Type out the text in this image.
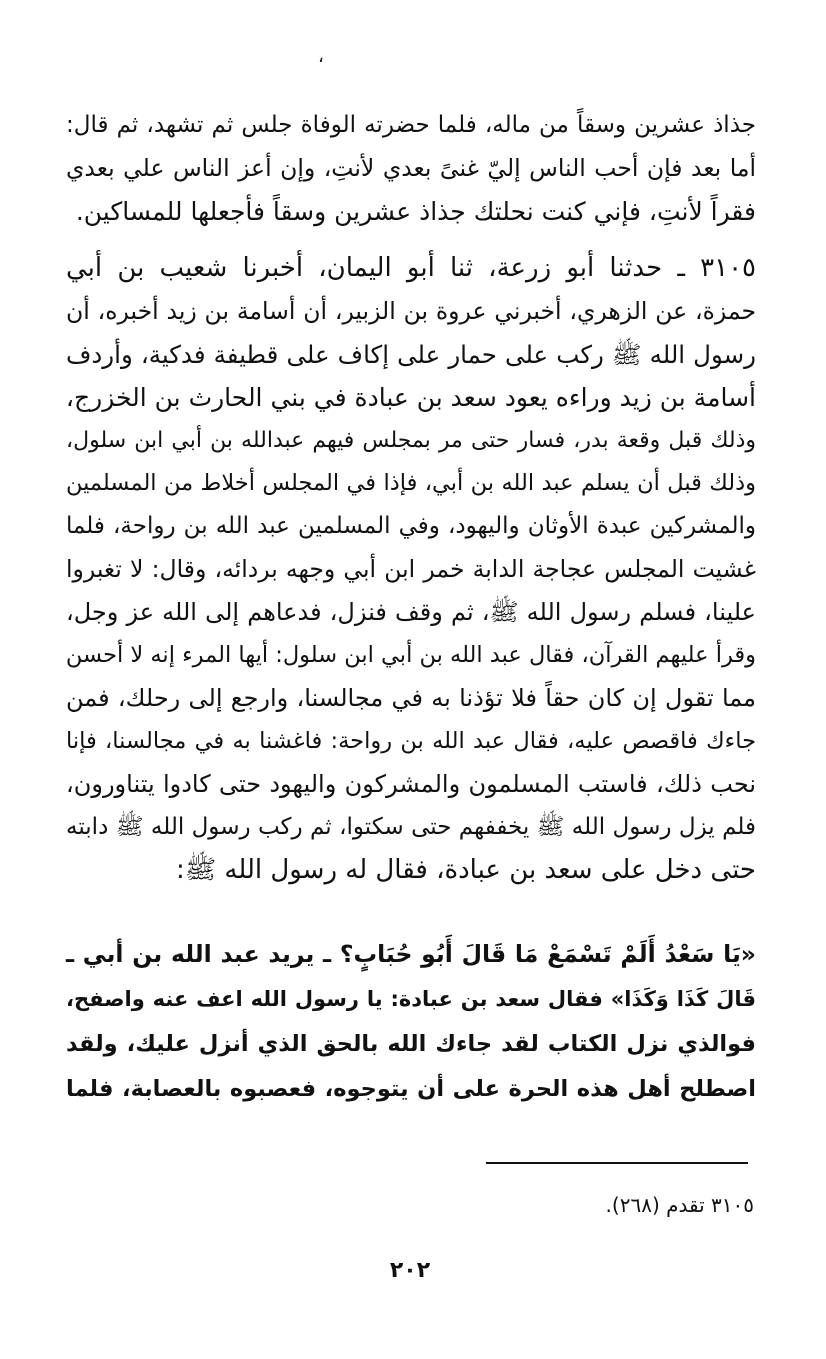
،
جذاذ عشرين وسقاً من ماله، فلما حضرته الوفاة جلس ثم تشهد، ثم قال:
أما بعد فإن أحب الناس إليّ غنىً بعدي لأنتِ، وإن أعز الناس علي بعدي
فقراً لأنتِ، فإني كنت نحلتك جذاذ عشرين وسقاً فأجعلها للمساكين.
٣١٠٥ ـ حدثنا أبو زرعة، ثنا أبو اليمان، أخبرنا شعيب بن أبي
حمزة، عن الزهري، أخبرني عروة بن الزبير، أن أسامة بن زيد أخبره، أن
رسول الله ﷺ ركب على حمار على إكاف على قطيفة فدكية، وأردف
أسامة بن زيد وراءه يعود سعد بن عبادة في بني الحارث بن الخزرج،
وذلك قبل وقعة بدر، فسار حتى مر بمجلس فيهم عبدالله بن أبي ابن سلول،
وذلك قبل أن يسلم عبد الله بن أبي، فإذا في المجلس أخلاط من المسلمين
والمشركين عبدة الأوثان واليهود، وفي المسلمين عبد الله بن رواحة، فلما
غشيت المجلس عجاجة الدابة خمر ابن أبي وجهه بردائه، وقال: لا تغبروا
علينا، فسلم رسول الله ﷺ، ثم وقف فنزل، فدعاهم إلى الله عز وجل،
وقرأ عليهم القرآن، فقال عبد الله بن أبي ابن سلول: أيها المرء إنه لا أحسن
مما تقول إن كان حقاً فلا تؤذنا به في مجالسنا، وارجع إلى رحلك، فمن
جاءك فاقصص عليه، فقال عبد الله بن رواحة: فاغشنا به في مجالسنا، فإنا
نحب ذلك، فاستب المسلمون والمشركون واليهود حتى كادوا يتناورون،
فلم يزل رسول الله ﷺ يخففهم حتى سكتوا، ثم ركب رسول الله ﷺ دابته
حتى دخل على سعد بن عبادة، فقال له رسول الله ﷺ:
«يَا سَعْدُ أَلَمْ تَسْمَعْ مَا قَالَ أَبُو حُبَابٍ؟ ـ يريد عبد الله بن أبي ـ
قَالَ كَذَا وَكَذَا» فقال سعد بن عبادة: يا رسول الله اعف عنه واصفح،
فوالذي نزل الكتاب لقد جاءك الله بالحق الذي أنزل عليك، ولقد
اصطلح أهل هذه الحرة على أن يتوجوه، فعصبوه بالعصابة، فلما
٣١٠٥ تقدم (٢٦٨).
٢٠٢
